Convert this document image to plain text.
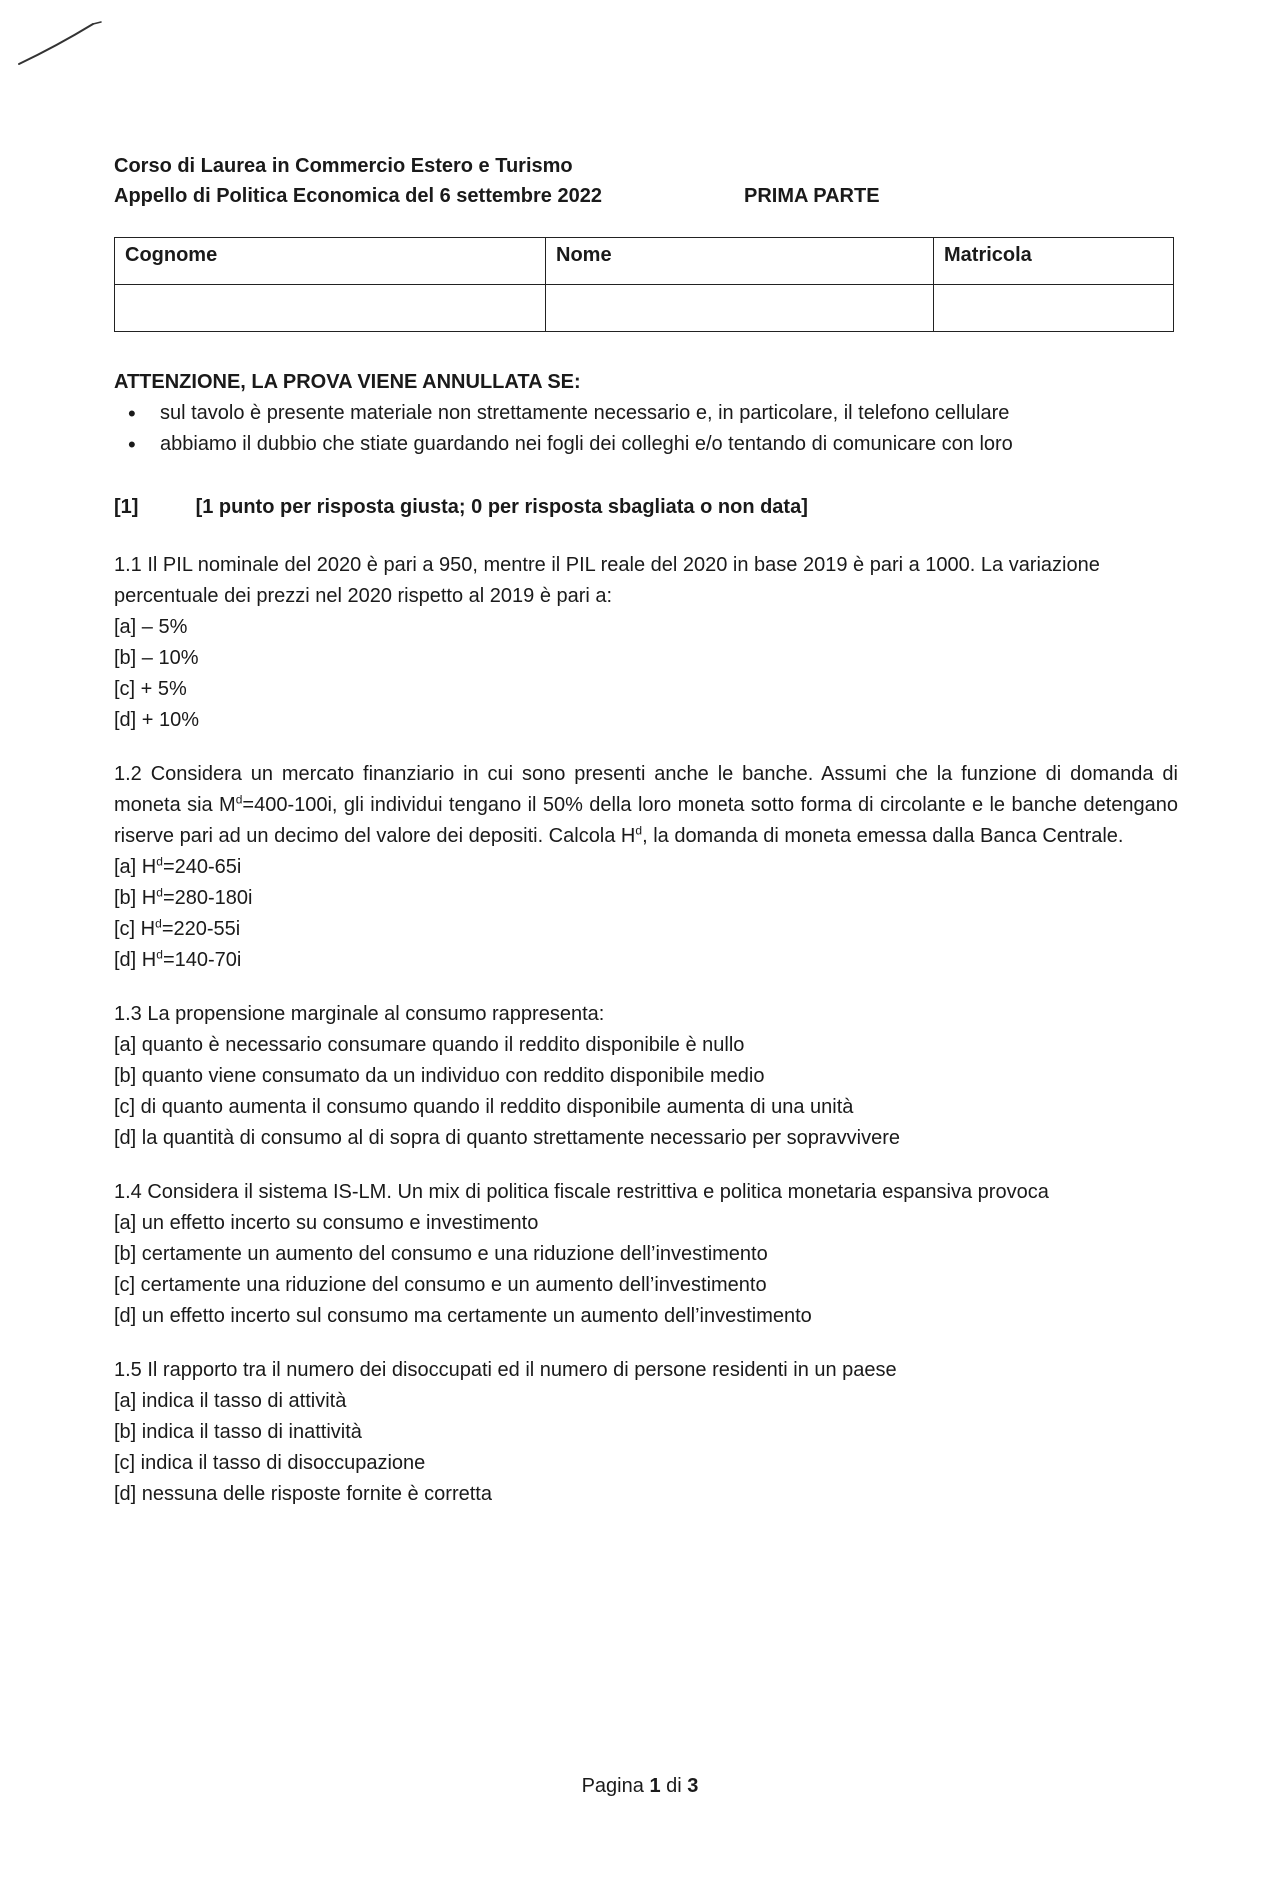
Corso di Laurea in Commercio Estero e Turismo
Appello di Politica Economica del 6 settembre 2022	PRIMA PARTE
Cognome	Nome	Matricola

ATTENZIONE, LA PROVA VIENE ANNULLATA SE:
• sul tavolo è presente materiale non strettamente necessario e, in particolare, il telefono cellulare
• abbiamo il dubbio che stiate guardando nei fogli dei colleghi e/o tentando di comunicare con loro
[1]	[1 punto per risposta giusta; 0 per risposta sbagliata o non data]

1.1 Il PIL nominale del 2020 è pari a 950, mentre il PIL reale del 2020 in base 2019 è pari a 1000. La variazione percentuale dei prezzi nel 2020 rispetto al 2019 è pari a:

[a] – 5%

[b] – 10%

[c] + 5%

[d] + 10%

1.2 Considera un mercato finanziario in cui sono presenti anche le banche. Assumi che la funzione di domanda di moneta sia $M^d=400-100i$, gli individui tengano il 50% della loro moneta sotto forma di circolante e le banche detengano riserve pari ad un decimo del valore dei depositi. Calcola $H^d$, la domanda di moneta emessa dalla Banca Centrale.

[a] $H^d=240-65i$

[b] $H^d=280-180i$

[c] $H^d=220-55i$

[d] $H^d=140-70i$

1.3 La propensione marginale al consumo rappresenta:

[a] quanto è necessario consumare quando il reddito disponibile è nullo

[b] quanto viene consumato da un individuo con reddito disponibile medio

[c] di quanto aumenta il consumo quando il reddito disponibile aumenta di una unità

[d] la quantità di consumo al di sopra di quanto strettamente necessario per sopravvivere

1.4 Considera il sistema IS-LM. Un mix di politica fiscale restrittiva e politica monetaria espansiva provoca

[a] un effetto incerto su consumo e investimento

[b] certamente un aumento del consumo e una riduzione dell’investimento

[c] certamente una riduzione del consumo e un aumento dell’investimento

[d] un effetto incerto sul consumo ma certamente un aumento dell’investimento

1.5 Il rapporto tra il numero dei disoccupati ed il numero di persone residenti in un paese

[a] indica il tasso di attività

[b] indica il tasso di inattività

[c] indica il tasso di disoccupazione

[d] nessuna delle risposte fornite è corretta

Pagina 1 di 3
